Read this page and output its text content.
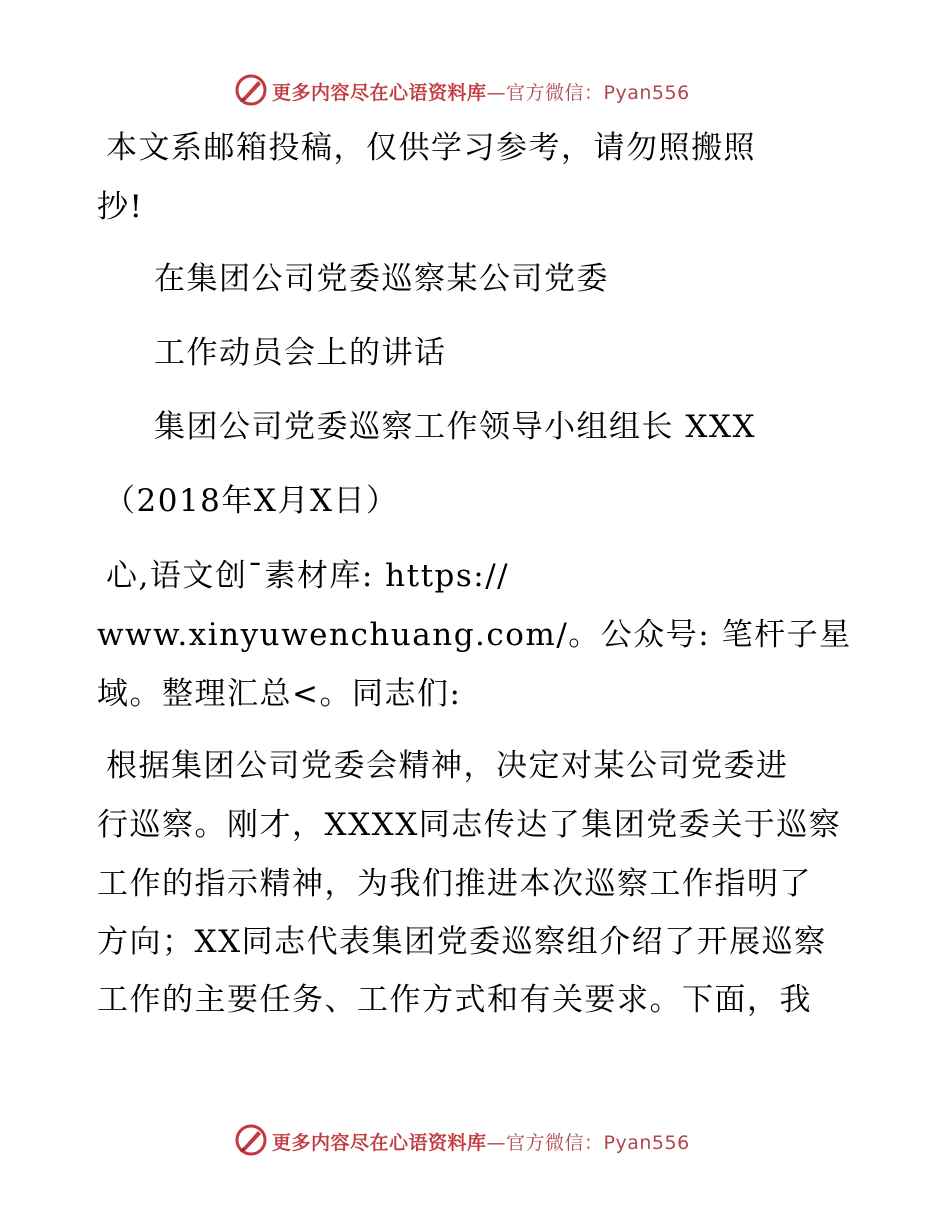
更多内容尽在心语资料库—官方微信：Pyan556
本文系邮箱投稿，仅供学习参考，请勿照搬照
抄!
在集团公司党委巡察某公司党委
工作动员会上的讲话
集团公司党委巡察工作领导小组组长 XXX
（2018年X月X日）
心,语文创¯素材库: https://
www.xinyuwenchuang.com/。公众号: 笔杆子星
域。整理汇总<。同志们:
根据集团公司党委会精神，决定对某公司党委进
行巡察。刚才，XXXX同志传达了集团党委关于巡察
工作的指示精神，为我们推进本次巡察工作指明了
方向；XX同志代表集团党委巡察组介绍了开展巡察
工作的主要任务、工作方式和有关要求。下面，我
更多内容尽在心语资料库—官方微信：Pyan556
